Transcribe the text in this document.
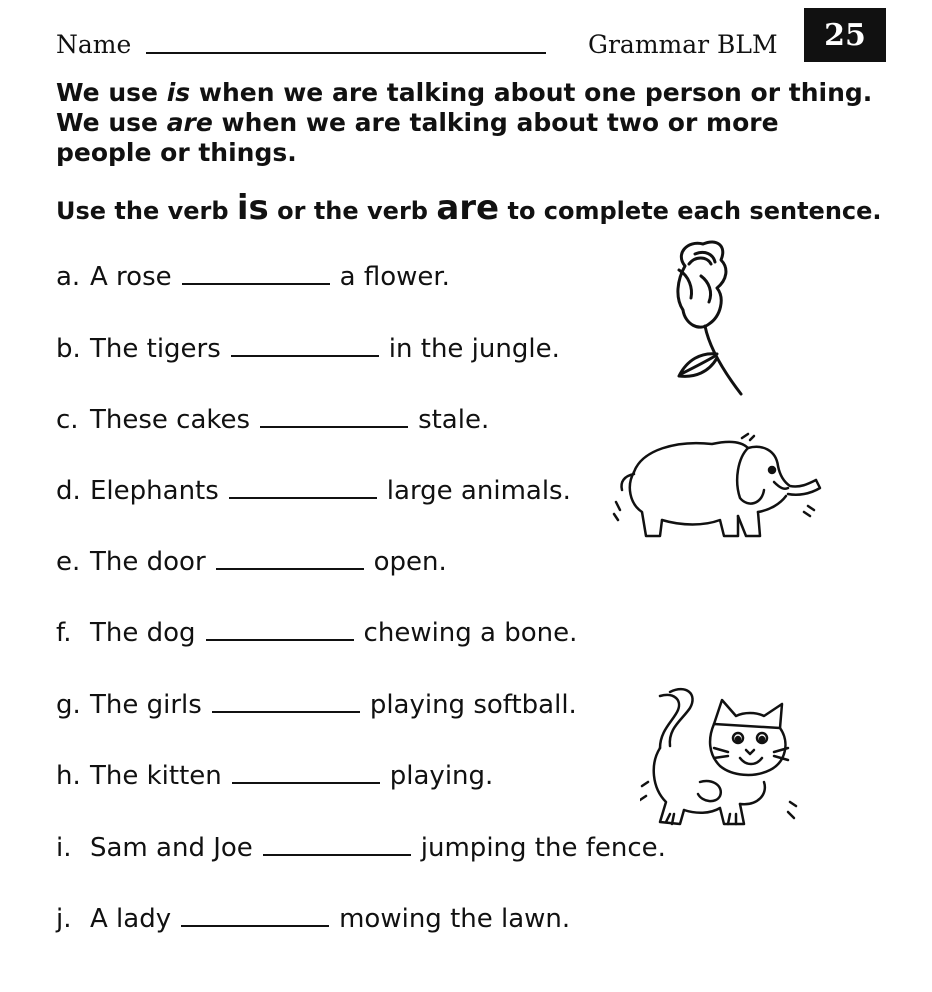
Name	Grammar BLM	25

We use is when we are talking about one person or thing.

We use are when we are talking about two or more

people or things.

Use the verb is or the verb are to complete each sentence.
a. A rose	a flower.
b. The tigers	in the jungle.
c. These cakes	stale.
d. Elephants	large animals.
e. The door	open.
f. The dog	chewing a bone.
g. The girls	playing softball.
h. The kitten	playing.
i. Sam and Joe	jumping the fence.
j. A lady	mowing the lawn.
